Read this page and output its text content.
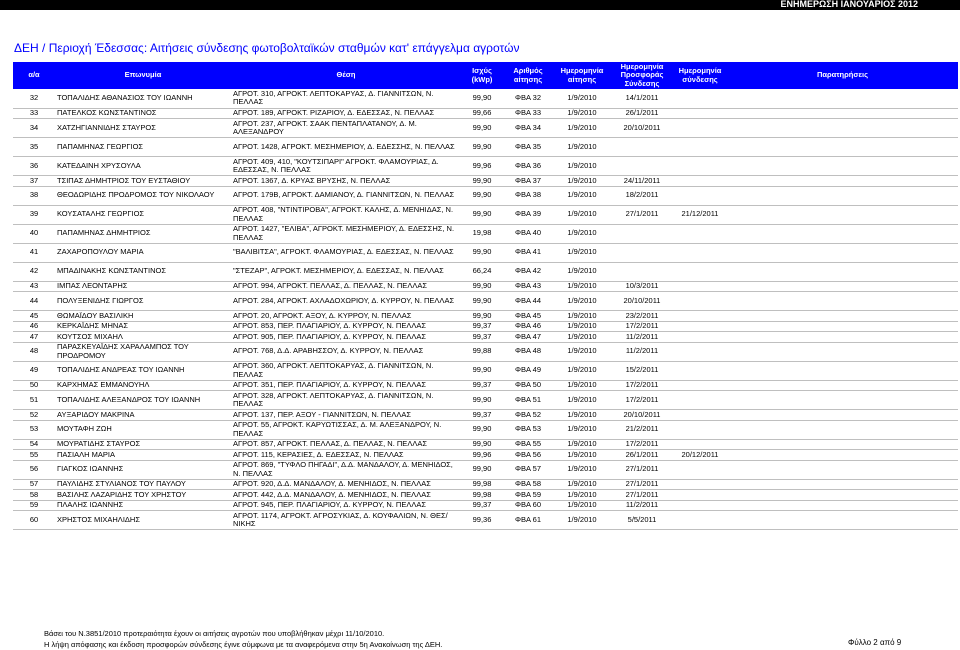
ΕΝΗΜΕΡΩΣΗ ΙΑΝΟΥΑΡΙΟΣ 2012
ΔΕΗ / Περιοχή Έδεσσας: Αιτήσεις σύνδεσης φωτοβολταϊκών σταθμών κατ' επάγγελμα αγροτών
α/α	Επωνυμία	Θέση	Ισχύς (kWp)	Αριθμός αίτησης	Ημερομηνία αίτησης	Ημερομηνία Προσφοράς Σύνδεσης	Ημερομηνία σύνδεσης	Παρατηρήσεις
32	ΤΟΠΑΛΙΔΗΣ ΑΘΑΝΑΣΙΟΣ ΤΟΥ ΙΩΑΝΝΗ	ΑΓΡΟΤ. 310, ΑΓΡΟΚΤ. ΛΕΠΤΟΚΑΡΥΑΣ, Δ. ΓΙΑΝΝΙΤΣΩΝ, Ν. ΠΕΛΛΑΣ	99,90	ΦΒΑ 32	1/9/2010	14/1/2011		
33	ΠΑΤΕΛΚΟΣ ΚΩΝΣΤΑΝΤΙΝΟΣ	ΑΓΡΟΤ. 189, ΑΓΡΟΚΤ. ΡΙΖΑΡΙΟΥ, Δ. ΕΔΕΣΣΑΣ, Ν. ΠΕΛΛΑΣ	99,66	ΦΒΑ 33	1/9/2010	26/1/2011		
34	ΧΑΤΖΗΓΙΑΝΝΙΔΗΣ ΣΤΑΥΡΟΣ	ΑΓΡΟΤ. 237, ΑΓΡΟΚΤ. ΣΑΑΚ ΠΕΝΤΑΠΛΑΤΑΝΟΥ, Δ. Μ. ΑΛΕΞΑΝΔΡΟΥ	99,90	ΦΒΑ 34	1/9/2010	20/10/2011		
35	ΠΑΠΑΜΗΝΑΣ ΓΕΩΡΓΙΟΣ	ΑΓΡΟΤ. 1428, ΑΓΡΟΚΤ. ΜΕΣΗΜΕΡΙΟΥ, Δ. ΕΔΕΣΣΗΣ, Ν. ΠΕΛΛΑΣ	99,90	ΦΒΑ 35	1/9/2010			
36	ΚΑΤΕΔΑΙΝΗ ΧΡΥΣΟΥΛΑ	ΑΓΡΟΤ. 409, 410, "ΚΟΥΤΣΙΠΑΡΙ" ΑΓΡΟΚΤ. ΦΛΑΜΟΥΡΙΑΣ, Δ. ΕΔΕΣΣΑΣ, Ν. ΠΕΛΛΑΣ	99,96	ΦΒΑ 36	1/9/2010			
37	ΤΣΙΠΑΣ ΔΗΜΗΤΡΙΟΣ ΤΟΥ ΕΥΣΤΑΘΙΟΥ	ΑΓΡΟΤ. 1367, Δ. ΚΡΥΑΣ ΒΡΥΣΗΣ, Ν. ΠΕΛΛΑΣ	99,90	ΦΒΑ 37	1/9/2010	24/11/2011		
38	ΘΕΟΔΩΡΙΔΗΣ ΠΡΟΔΡΟΜΟΣ ΤΟΥ ΝΙΚΟΛΑΟΥ	ΑΓΡΟΤ. 179Β, ΑΓΡΟΚΤ. ΔΑΜΙΑΝΟΥ, Δ. ΓΙΑΝΝΙΤΣΩΝ, Ν. ΠΕΛΛΑΣ	99,90	ΦΒΑ 38	1/9/2010	18/2/2011		
39	ΚΟΥΣΑΤΑΛΗΣ ΓΕΩΡΓΙΟΣ	ΑΓΡΟΤ. 408, "ΝΤΙΝΤΙΡΟΒΑ", ΑΓΡΟΚΤ. ΚΑΛΗΣ, Δ. ΜΕΝΗΙΔΑΣ, Ν. ΠΕΛΛΑΣ	99,90	ΦΒΑ 39	1/9/2010	27/1/2011	21/12/2011	
40	ΠΑΠΑΜΗΝΑΣ ΔΗΜΗΤΡΙΟΣ	ΑΓΡΟΤ. 1427, "ΕΛΙΒΑ", ΑΓΡΟΚΤ. ΜΕΣΗΜΕΡΙΟΥ, Δ. ΕΔΕΣΣΗΣ, Ν. ΠΕΛΛΑΣ	19,98	ΦΒΑ 40	1/9/2010			
41	ΖΑΧΑΡΟΠΟΥΛΟΥ ΜΑΡΙΑ	"ΒΑΛΙΒΙΤΣΑ", ΑΓΡΟΚΤ. ΦΛΑΜΟΥΡΙΑΣ, Δ. ΕΔΕΣΣΑΣ, Ν. ΠΕΛΛΑΣ	99,90	ΦΒΑ 41	1/9/2010			
42	ΜΠΑΔΙΝΑΚΗΣ ΚΩΝΣΤΑΝΤΙΝΟΣ	"ΣΤΕΖΑΡ", ΑΓΡΟΚΤ. ΜΕΣΗΜΕΡΙΟΥ, Δ. ΕΔΕΣΣΑΣ, Ν. ΠΕΛΛΑΣ	66,24	ΦΒΑ 42	1/9/2010			
43	ΙΜΠΑΣ ΛΕΟΝΤΑΡΗΣ	ΑΓΡΟΤ. 994, ΑΓΡΟΚΤ. ΠΕΛΛΑΣ, Δ. ΠΕΛΛΑΣ, Ν. ΠΕΛΛΑΣ	99,90	ΦΒΑ 43	1/9/2010	10/3/2011		
44	ΠΟΛΥΞΕΝΙΔΗΣ ΓΙΩΡΓΟΣ	ΑΓΡΟΤ. 284, ΑΓΡΟΚΤ. ΑΧΛΑΔΟΧΩΡΙΟΥ, Δ. ΚΥΡΡΟΥ, Ν. ΠΕΛΛΑΣ	99,90	ΦΒΑ 44	1/9/2010	20/10/2011		
45	ΘΩΜΑΪΔΟΥ ΒΑΣΙΛΙΚΗ	ΑΓΡΟΤ. 20, ΑΓΡΟΚΤ. ΑΞΟΥ, Δ. ΚΥΡΡΟΥ, Ν. ΠΕΛΛΑΣ	99,90	ΦΒΑ 45	1/9/2010	23/2/2011		
46	ΚΕΡΚΑΪΔΗΣ ΜΗΝΑΣ	ΑΓΡΟΤ. 853, ΠΕΡ. ΠΛΑΓΙΑΡΙΟΥ, Δ. ΚΥΡΡΟΥ, Ν. ΠΕΛΛΑΣ	99,37	ΦΒΑ 46	1/9/2010	17/2/2011		
47	ΚΟΥΤΣΟΣ ΜΙΧΑΗΛ	ΑΓΡΟΤ. 905, ΠΕΡ. ΠΛΑΓΙΑΡΙΟΥ, Δ. ΚΥΡΡΟΥ, Ν. ΠΕΛΛΑΣ	99,37	ΦΒΑ 47	1/9/2010	11/2/2011		
48	ΠΑΡΑΣΚΕΥΑΪΔΗΣ ΧΑΡΑΛΑΜΠΟΣ ΤΟΥ ΠΡΟΔΡΟΜΟΥ	ΑΓΡΟΤ. 768, Δ.Δ. ΑΡΑΒΗΣΣΟΥ, Δ. ΚΥΡΡΟΥ, Ν. ΠΕΛΛΑΣ	99,88	ΦΒΑ 48	1/9/2010	11/2/2011		
49	ΤΟΠΑΛΙΔΗΣ ΑΝΔΡΕΑΣ ΤΟΥ ΙΩΑΝΝΗ	ΑΓΡΟΤ. 360, ΑΓΡΟΚΤ. ΛΕΠΤΟΚΑΡΥΑΣ, Δ. ΓΙΑΝΝΙΤΣΩΝ, Ν. ΠΕΛΛΑΣ	99,90	ΦΒΑ 49	1/9/2010	15/2/2011		
50	ΚΑΡΧΗΜΑΣ ΕΜΜΑΝΟΥΗΛ	ΑΓΡΟΤ. 351, ΠΕΡ. ΠΛΑΓΙΑΡΙΟΥ, Δ. ΚΥΡΡΟΥ, Ν. ΠΕΛΛΑΣ	99,37	ΦΒΑ 50	1/9/2010	17/2/2011		
51	ΤΟΠΑΛΙΔΗΣ ΑΛΕΞΑΝΔΡΟΣ ΤΟΥ ΙΩΑΝΝΗ	ΑΓΡΟΤ. 328, ΑΓΡΟΚΤ. ΛΕΠΤΟΚΑΡΥΑΣ, Δ. ΓΙΑΝΝΙΤΣΩΝ, Ν. ΠΕΛΛΑΣ	99,90	ΦΒΑ 51	1/9/2010	17/2/2011		
52	ΑΥΞΑΡΙΔΟΥ ΜΑΚΡΙΝΑ	ΑΓΡΟΤ. 137, ΠΕΡ. ΑΞΟΥ - ΓΙΑΝΝΙΤΣΩΝ, Ν. ΠΕΛΛΑΣ	99,37	ΦΒΑ 52	1/9/2010	20/10/2011		
53	ΜΟΥΤΑΦΗ ΖΩΗ	ΑΓΡΟΤ. 55, ΑΓΡΟΚΤ. ΚΑΡΥΩΤΙΣΣΑΣ, Δ. Μ. ΑΛΕΞΑΝΔΡΟΥ, Ν. ΠΕΛΛΑΣ	99,90	ΦΒΑ 53	1/9/2010	21/2/2011		
54	ΜΟΥΡΑΤΙΔΗΣ ΣΤΑΥΡΟΣ	ΑΓΡΟΤ. 857, ΑΓΡΟΚΤ. ΠΕΛΛΑΣ, Δ. ΠΕΛΛΑΣ, Ν. ΠΕΛΛΑΣ	99,90	ΦΒΑ 55	1/9/2010	17/2/2011		
55	ΠΑΣΙΑΛΗ ΜΑΡΙΑ	ΑΓΡΟΤ. 115, ΚΕΡΑΣΙΕΣ, Δ. ΕΔΕΣΣΑΣ, Ν. ΠΕΛΛΑΣ	99,96	ΦΒΑ 56	1/9/2010	26/1/2011	20/12/2011	
56	ΓΙΑΓΚΟΣ ΙΩΑΝΝΗΣ	ΑΓΡΟΤ. 869, "ΤΥΦΛΟ ΠΗΓΑΔΙ", Δ.Δ. ΜΑΝΔΑΛΟΥ, Δ. ΜΕΝΗΙΔΟΣ, Ν. ΠΕΛΛΑΣ	99,90	ΦΒΑ 57	1/9/2010	27/1/2011		
57	ΠΑΥΛΙΔΗΣ ΣΤΥΛΙΑΝΟΣ ΤΟΥ ΠΑΥΛΟΥ	ΑΓΡΟΤ. 920, Δ.Δ. ΜΑΝΔΑΛΟΥ, Δ. ΜΕΝΗΙΔΟΣ, Ν. ΠΕΛΛΑΣ	99,98	ΦΒΑ 58	1/9/2010	27/1/2011		
58	ΒΑΣΙΛΗΣ ΛΑΖΑΡΙΔΗΣ ΤΟΥ ΧΡΗΣΤΟΥ	ΑΓΡΟΤ. 442, Δ.Δ. ΜΑΝΔΑΛΟΥ, Δ. ΜΕΝΗΙΔΟΣ, Ν. ΠΕΛΛΑΣ	99,98	ΦΒΑ 59	1/9/2010	27/1/2011		
59	ΠΛΑΛΗΣ ΙΩΑΝΝΗΣ	ΑΓΡΟΤ. 945, ΠΕΡ. ΠΛΑΓΙΑΡΙΟΥ, Δ. ΚΥΡΡΟΥ, Ν. ΠΕΛΛΑΣ	99,37	ΦΒΑ 60	1/9/2010	11/2/2011		
60	ΧΡΗΣΤΟΣ ΜΙΧΑΗΛΙΔΗΣ	ΑΓΡΟΤ. 1174, ΑΓΡΟΚΤ. ΑΓΡΟΣΥΚΙΑΣ, Δ. ΚΟΥΦΑΛΙΩΝ, Ν. ΘΕΣ/ΝΙΚΗΣ	99,36	ΦΒΑ 61	1/9/2010	5/5/2011		
Βάσει του Ν.3851/2010 προτεραιότητα έχουν οι αιτήσεις αγροτών που υποβλήθηκαν μέχρι 11/10/2010.
Η λήψη απόφασης και έκδοση προσφορών σύνδεσης έγινε σύμφωνα με τα αναφερόμενα στην 5η Ανακοίνωση της ΔΕΗ.	Φύλλο 2 από 9
